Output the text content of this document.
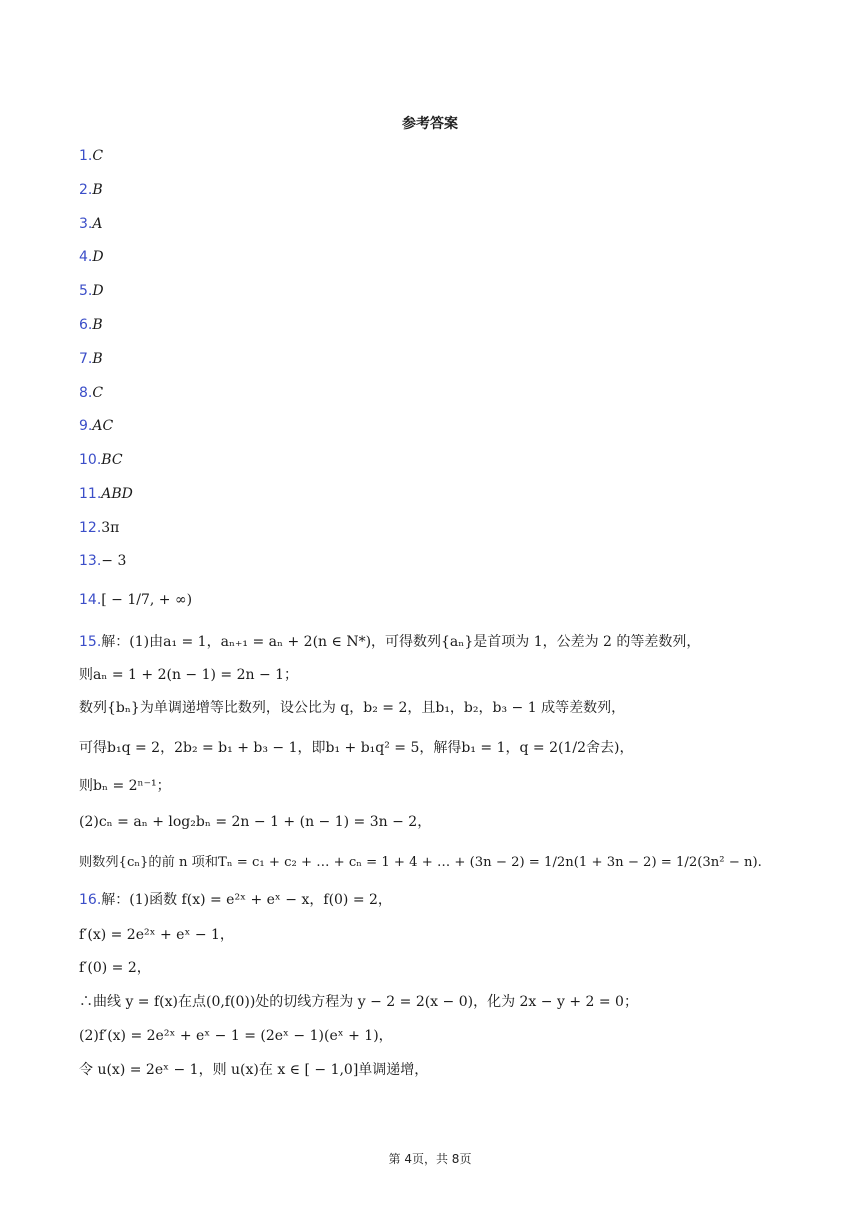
参考答案
1.C
2.B
3.A
4.D
5.D
6.B
7.B
8.C
9.AC
10.BC
11.ABD
12.3π
13.− 3
14.[ − 1/7, + ∞)
15.解：(1)由a₁ = 1，aₙ₊₁ = aₙ + 2(n ∈ N*)，可得数列{aₙ}是首项为 1，公差为 2 的等差数列，
则aₙ = 1 + 2(n − 1) = 2n − 1；
数列{bₙ}为单调递增等比数列，设公比为 q，b₂ = 2，且b₁，b₂，b₃ − 1 成等差数列，
可得b₁q = 2，2b₂ = b₁ + b₃ − 1，即b₁ + b₁q² = 5，解得b₁ = 1，q = 2(1/2舍去)，
则bₙ = 2ⁿ⁻¹；
(2)cₙ = aₙ + log₂bₙ = 2n − 1 + (n − 1) = 3n − 2，
则数列{cₙ}的前 n 项和Tₙ = c₁ + c₂ + … + cₙ = 1 + 4 + … + (3n − 2) = 1/2n(1 + 3n − 2) = 1/2(3n² − n).
16.解：(1)函数 f(x) = e²ˣ + eˣ − x，f(0) = 2，
f′(x) = 2e²ˣ + eˣ − 1，
f′(0) = 2，
∴曲线 y = f(x)在点(0,f(0))处的切线方程为 y − 2 = 2(x − 0)，化为 2x − y + 2 = 0；
(2)f′(x) = 2e²ˣ + eˣ − 1 = (2eˣ − 1)(eˣ + 1)，
令 u(x) = 2eˣ − 1，则 u(x)在 x ∈ [ − 1,0]单调递增，
第 4页，共 8页
